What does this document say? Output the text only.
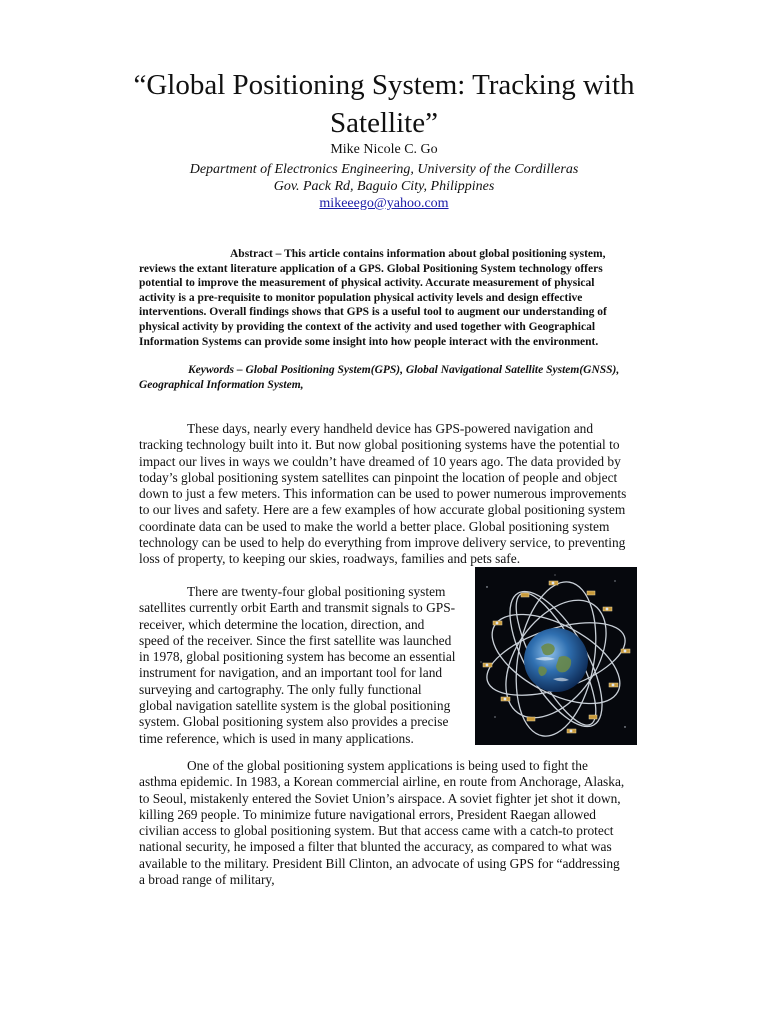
“Global Positioning System: Tracking with Satellite”
Mike Nicole C. Go
Department of Electronics Engineering, University of the Cordilleras
Gov. Pack Rd, Baguio City, Philippines
mikeeego@yahoo.com
Abstract – This article contains information about global positioning system, reviews the extant literature application of a GPS. Global Positioning System technology offers potential to improve the measurement of physical activity. Accurate measurement of physical activity is a pre-requisite to monitor population physical activity levels and design effective interventions. Overall findings shows that GPS is a useful tool to augment our understanding of physical activity by providing the context of the activity and used together with Geographical Information Systems can provide some insight into how people interact with the environment.
Keywords – Global Positioning System(GPS), Global Navigational Satellite System(GNSS), Geographical Information System,
These days, nearly every handheld device has GPS-powered navigation and tracking technology built into it. But now global positioning systems have the potential to impact our lives in ways we couldn’t have dreamed of 10 years ago. The data provided by today’s global positioning system satellites can pinpoint the location of people and object down to just a few meters. This information can be used to power numerous improvements to our lives and safety. Here are a few examples of how accurate global positioning system coordinate data can be used to make the world a better place. Global positioning system technology can be used to help do everything from improve delivery service, to preventing loss of property, to keeping our skies, roadways, families and pets safe.
There are twenty-four global positioning system satellites currently orbit Earth and transmit signals to GPS-receiver, which determine the location, direction, and speed of the receiver. Since the first satellite was launched in 1978, global positioning system has become an essential instrument for navigation, and an important tool for land surveying and cartography. The only fully functional global navigation satellite system is the global positioning system. Global positioning system also provides a precise time reference, which is used in many applications.
One of the global positioning system applications is being used to fight the asthma epidemic. In 1983, a Korean commercial airline, en route from Anchorage, Alaska, to Seoul, mistakenly entered the Soviet Union’s airspace. A soviet fighter jet shot it down, killing 269 people. To minimize future navigational errors, President Raegan allowed civilian access to global positioning system. But that access came with a catch-to protect national security, he imposed a filter that blunted the accuracy, as compared to what was available to the military. President Bill Clinton, an advocate of using GPS for “addressing a broad range of military,
